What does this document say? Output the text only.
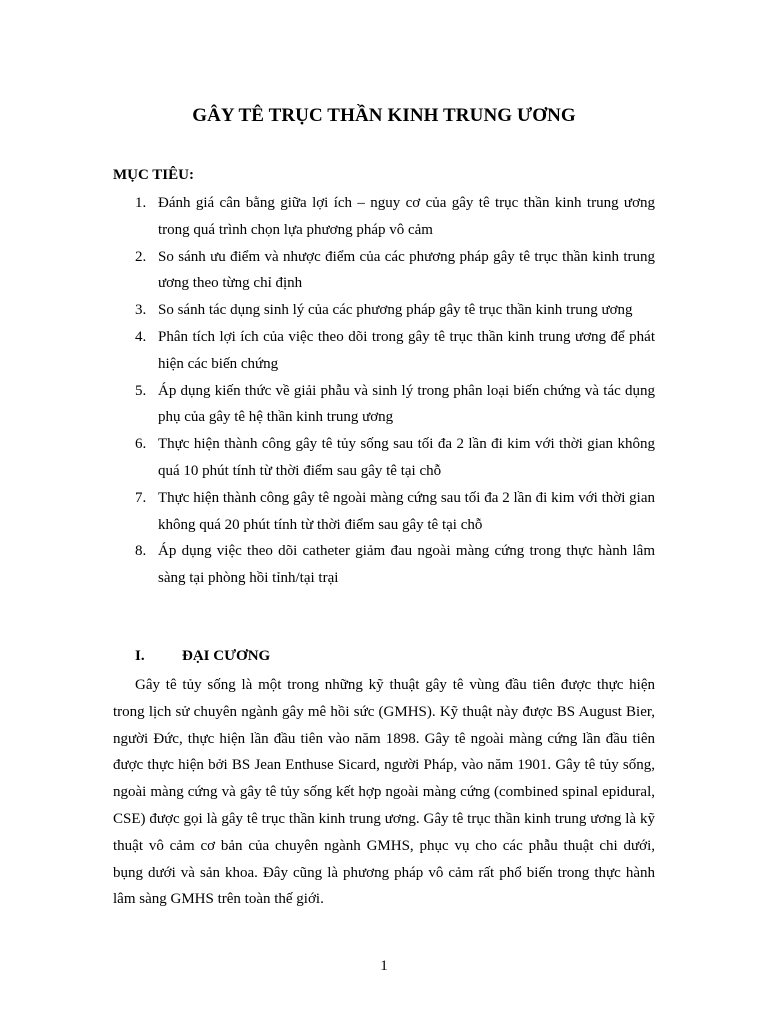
GÂY TÊ TRỤC THẦN KINH TRUNG ƯƠNG
MỤC TIÊU:
1. Đánh giá cân bằng giữa lợi ích – nguy cơ của gây tê trục thần kinh trung ương trong quá trình chọn lựa phương pháp vô cảm
2. So sánh ưu điểm và nhược điểm của các phương pháp gây tê trục thần kinh trung ương theo từng chỉ định
3. So sánh tác dụng sinh lý của các phương pháp gây tê trục thần kinh trung ương
4. Phân tích lợi ích của việc theo dõi trong gây tê trục thần kinh trung ương để phát hiện các biến chứng
5. Áp dụng kiến thức về giải phẫu và sinh lý trong phân loại biến chứng và tác dụng phụ của gây tê hệ thần kinh trung ương
6. Thực hiện thành công gây tê tủy sống sau tối đa 2 lần đi kim với thời gian không quá 10 phút tính từ thời điểm sau gây tê tại chỗ
7. Thực hiện thành công gây tê ngoài màng cứng sau tối đa 2 lần đi kim với thời gian không quá 20 phút tính từ thời điểm sau gây tê tại chỗ
8. Áp dụng việc theo dõi catheter giảm đau ngoài màng cứng trong thực hành lâm sàng tại phòng hồi tỉnh/tại trại
I. ĐẠI CƯƠNG

Gây tê tủy sống là một trong những kỹ thuật gây tê vùng đầu tiên được thực hiện trong lịch sử chuyên ngành gây mê hồi sức (GMHS). Kỹ thuật này được BS August Bier, người Đức, thực hiện lần đầu tiên vào năm 1898. Gây tê ngoài màng cứng lần đầu tiên được thực hiện bởi BS Jean Enthuse Sicard, người Pháp, vào năm 1901. Gây tê tủy sống, ngoài màng cứng và gây tê tủy sống kết hợp ngoài màng cứng (combined spinal epidural, CSE) được gọi là gây tê trục thần kinh trung ương. Gây tê trục thần kinh trung ương là kỹ thuật vô cảm cơ bản của chuyên ngành GMHS, phục vụ cho các phẫu thuật chi dưới, bụng dưới và sản khoa. Đây cũng là phương pháp vô cảm rất phổ biến trong thực hành lâm sàng GMHS trên toàn thế giới.

1
